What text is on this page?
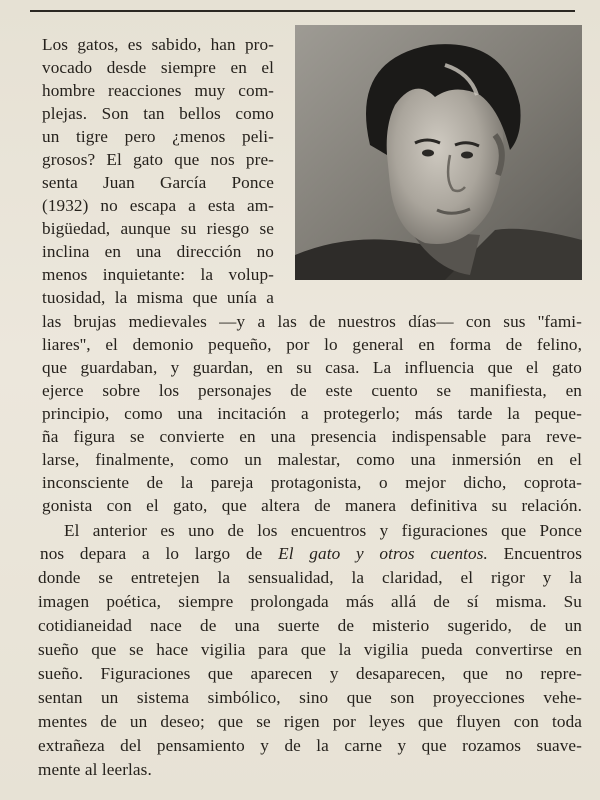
Los gatos, es sabido, han pro-
vocado desde siempre en el
hombre reacciones muy com-
plejas. Son tan bellos como
un tigre pero ¿menos peli-
grosos? El gato que nos pre-
senta Juan García Ponce
(1932) no escapa a esta am-
bigüedad, aunque su riesgo se
inclina en una dirección no
menos inquietante: la volup-
tuosidad, la misma que unía a
las brujas medievales —y a las de nuestros días— con sus ''fami-
liares'', el demonio pequeño, por lo general en forma de felino,
que guardaban, y guardan, en su casa. La influencia que el gato
ejerce sobre los personajes de este cuento se manifiesta, en
principio, como una incitación a protegerlo; más tarde la peque-
ña figura se convierte en una presencia indispensable para reve-
larse, finalmente, como un malestar, como una inmersión en el
inconsciente de la pareja protagonista, o mejor dicho, coprota-
gonista con el gato, que altera de manera definitiva su relación.
El anterior es uno de los encuentros y figuraciones que Ponce
nos depara a lo largo de El gato y otros cuentos. Encuentros
donde se entretejen la sensualidad, la claridad, el rigor y la
imagen poética, siempre prolongada más allá de sí misma. Su
cotidianeidad nace de una suerte de misterio sugerido, de un
sueño que se hace vigilia para que la vigilia pueda convertirse en
sueño. Figuraciones que aparecen y desaparecen, que no repre-
sentan un sistema simbólico, sino que son proyecciones vehe-
mentes de un deseo; que se rigen por leyes que fluyen con toda
extrañeza del pensamiento y de la carne y que rozamos suave-
mente al leerlas.
